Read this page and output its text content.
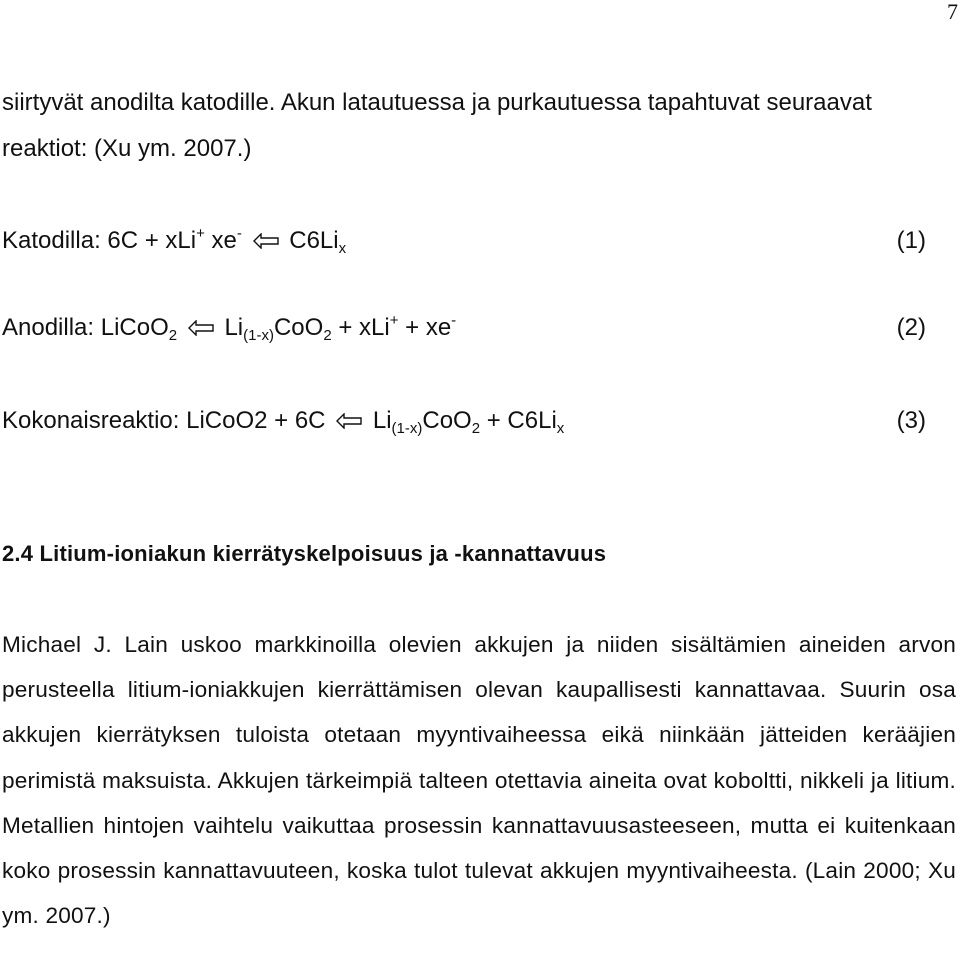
7
siirtyvät anodilta katodille. Akun latautuessa ja purkautuessa tapahtuvat seuraavat reaktiot: (Xu ym. 2007.)
Katodilla: 6C + xLi+ xe- $C6Li_x$	(1)
Anodilla: LiCoO$_2$ $Li_{(1-x)}CoO_2 + xLi^+ + xe^-$	(2)
Kokonaisreaktio: LiCoO2 + 6C $Li_{(1-x)}CoO_2 + C6Li_x$	(3)
2.4 Litium-ioniakun kierrätyskelpoisuus ja -kannattavuus
Michael J. Lain uskoo markkinoilla olevien akkujen ja niiden sisältämien aineiden arvon perusteella litium-ioniakkujen kierrättämisen olevan kaupallisesti kannattavaa. Suurin osa akkujen kierrätyksen tuloista otetaan myyntivaiheessa eikä niinkään jätteiden kerääjien perimistä maksuista. Akkujen tärkeimpiä talteen otettavia aineita ovat koboltti, nikkeli ja litium. Metallien hintojen vaihtelu vaikuttaa prosessin kannattavuusasteeseen, mutta ei kuitenkaan koko prosessin kannattavuuteen, koska tulot tulevat akkujen myyntivaiheesta. (Lain 2000; Xu ym. 2007.)
